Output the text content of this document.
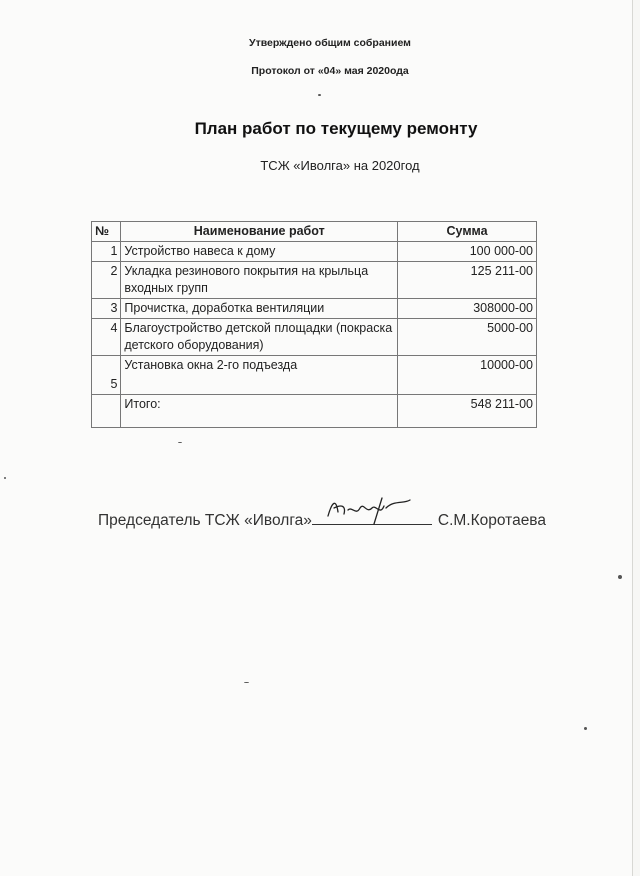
Утверждено общим собранием
Протокол от «04» мая 2020ода
План работ по текущему ремонту
ТСЖ «Иволга» на 2020год
№	Наименование работ	Сумма
1	Устройство навеса к дому	100 000-00
2	Укладка резинового покрытия на крыльца входных групп	125 211-00
3	Прочистка, доработка вентиляции	308000-00
4	Благоустройство детской площадки (покраска детского оборудования)	5000-00
5	Установка окна 2-го подъезда	10000-00
	Итого:	548 211-00
Председатель ТСЖ «Иволга»	С.М.Коротаева
